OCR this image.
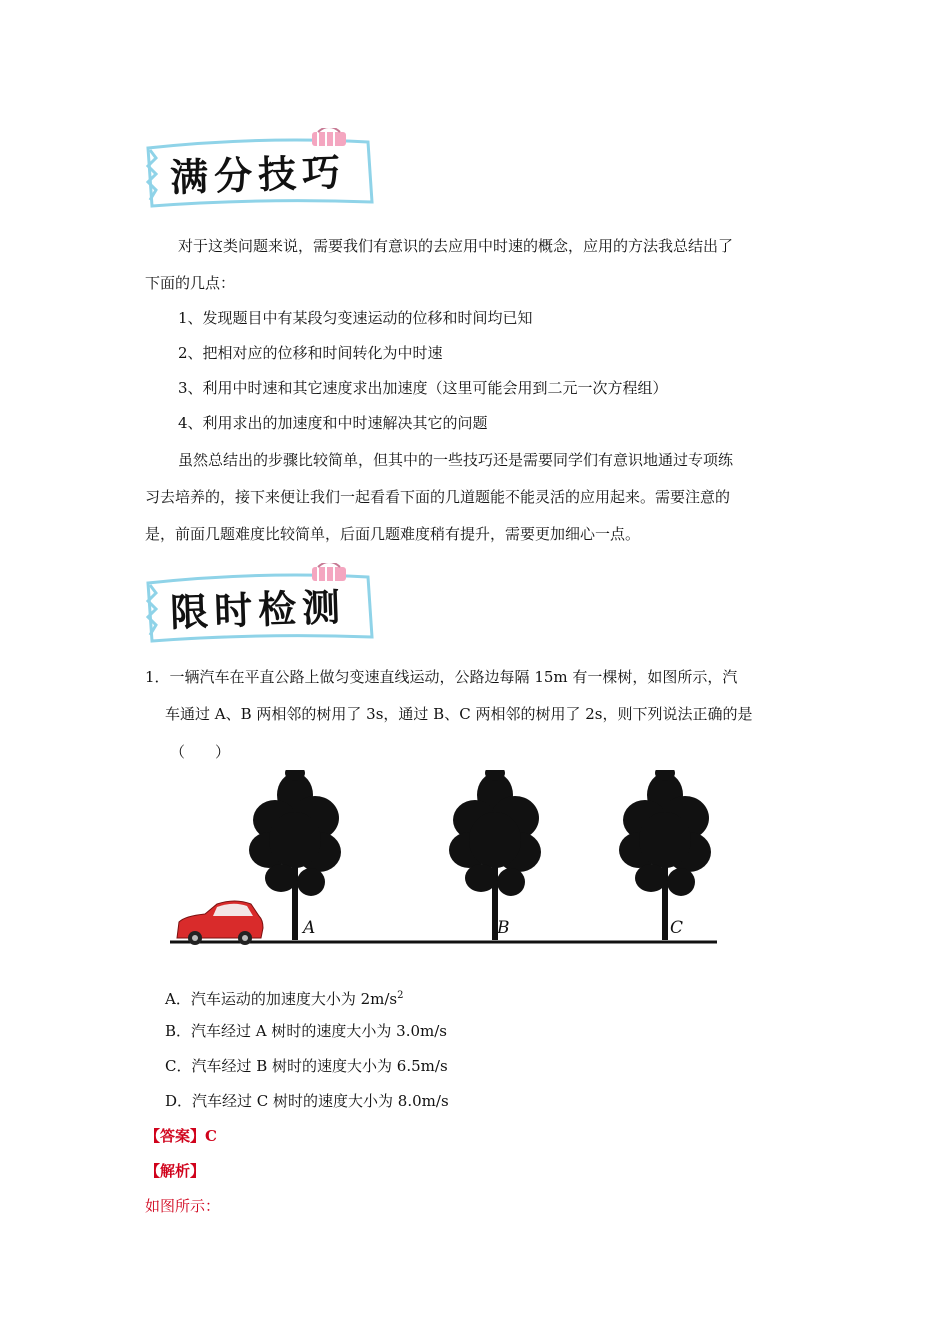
满分技巧
对于这类问题来说，需要我们有意识的去应用中时速的概念，应用的方法我总结出了
下面的几点：
1、发现题目中有某段匀变速运动的位移和时间均已知
2、把相对应的位移和时间转化为中时速
3、利用中时速和其它速度求出加速度（这里可能会用到二元一次方程组）
4、利用求出的加速度和中时速解决其它的问题
虽然总结出的步骤比较简单，但其中的一些技巧还是需要同学们有意识地通过专项练
习去培养的，接下来便让我们一起看看下面的几道题能不能灵活的应用起来。需要注意的
是，前面几题难度比较简单，后面几题难度稍有提升，需要更加细心一点。
限时检测
1．一辆汽车在平直公路上做匀变速直线运动，公路边每隔 15m 有一棵树，如图所示，汽
车通过 A、B 两相邻的树用了 3s，通过 B、C 两相邻的树用了 2s，则下列说法正确的是
（　　）
A	B	C
A．汽车运动的加速度大小为 $2m/s^2$
B．汽车经过 A 树时的速度大小为 3.0m/s
C．汽车经过 B 树时的速度大小为 6.5m/s
D．汽车经过 C 树时的速度大小为 8.0m/s
【答案】C
【解析】
如图所示：
